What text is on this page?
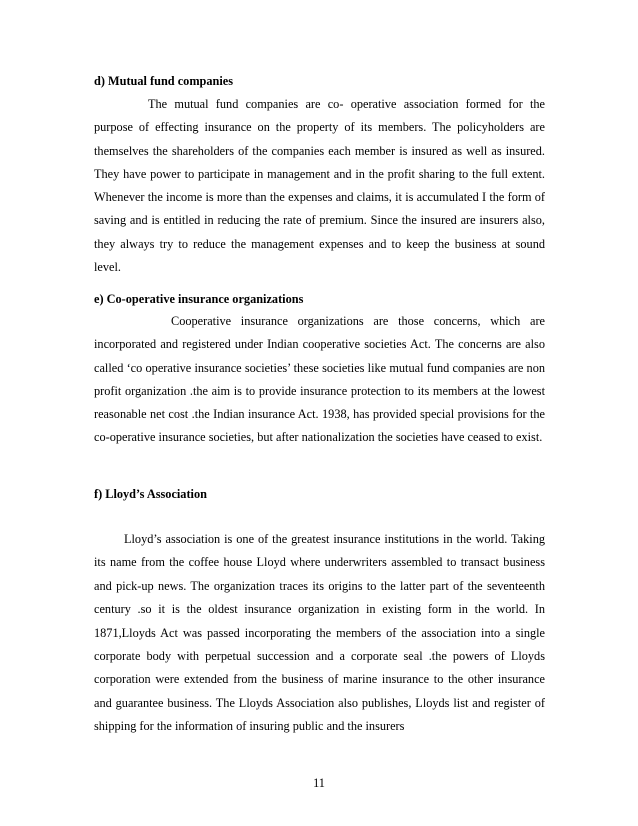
d) Mutual fund companies

The mutual fund companies are co- operative association formed for the purpose of effecting insurance on the property of its members. The policyholders are themselves the shareholders of the companies each member is insured as well as insured. They have power to participate in management and in the profit sharing to the full extent. Whenever the income is more than the expenses and claims, it is accumulated I the form of saving and is entitled in reducing the rate of premium. Since the insured are insurers also, they always try to reduce the management expenses and to keep the business at sound level.

e) Co-operative insurance organizations

Cooperative insurance organizations are those concerns, which are incorporated and registered under Indian cooperative societies Act. The concerns are also called ‘co operative insurance societies’ these societies like mutual fund companies are non profit organization .the aim is to provide insurance protection to its members at the lowest reasonable net cost .the Indian insurance Act. 1938, has provided special provisions for the co-operative insurance societies, but after nationalization the societies have ceased to exist.

f) Lloyd’s Association

Lloyd’s association is one of the greatest insurance institutions in the world. Taking its name from the coffee house Lloyd where underwriters assembled to transact business and pick-up news. The organization traces its origins to the latter part of the seventeenth century .so it is the oldest insurance organization in existing form in the world. In 1871,Lloyds Act was passed incorporating the members of the association into a single corporate body with perpetual succession and a corporate seal .the powers of Lloyds corporation were extended from the business of marine insurance to the other insurance and guarantee business. The Lloyds Association also publishes, Lloyds list and register of shipping for the information of insuring public and the insurers

11
